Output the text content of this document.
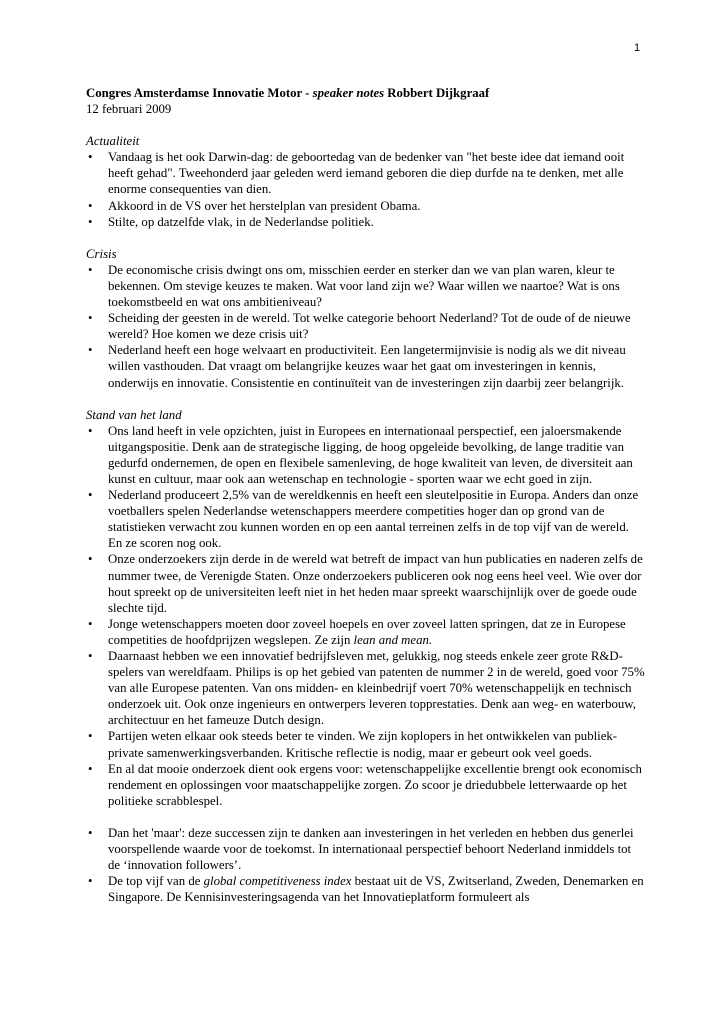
1

Congres Amsterdamse Innovatie Motor - speaker notes Robbert Dijkgraaf

12 februari 2009

Actualiteit

• Vandaag is het ook Darwin-dag: de geboortedag van de bedenker van "het beste idee dat iemand ooit heeft gehad". Tweehonderd jaar geleden werd iemand geboren die diep durfde na te denken, met alle enorme consequenties van dien.
• Akkoord in de VS over het herstelplan van president Obama.
• Stilte, op datzelfde vlak, in de Nederlandse politiek.

Crisis

• De economische crisis dwingt ons om, misschien eerder en sterker dan we van plan waren, kleur te bekennen. Om stevige keuzes te maken. Wat voor land zijn we? Waar willen we naartoe? Wat is ons toekomstbeeld en wat ons ambitieniveau?
• Scheiding der geesten in de wereld. Tot welke categorie behoort Nederland? Tot de oude of de nieuwe wereld? Hoe komen we deze crisis uit?
• Nederland heeft een hoge welvaart en productiviteit. Een langetermijnvisie is nodig als we dit niveau willen vasthouden. Dat vraagt om belangrijke keuzes waar het gaat om investeringen in kennis, onderwijs en innovatie. Consistentie en continuïteit van de investeringen zijn daarbij zeer belangrijk.

Stand van het land

• Ons land heeft in vele opzichten, juist in Europees en internationaal perspectief, een jaloersmakende uitgangspositie. Denk aan de strategische ligging, de hoog opgeleide bevolking, de lange traditie van gedurfd ondernemen, de open en flexibele samenleving, de hoge kwaliteit van leven, de diversiteit aan kunst en cultuur, maar ook aan wetenschap en technologie - sporten waar we echt goed in zijn.
• Nederland produceert 2,5% van de wereldkennis en heeft een sleutelpositie in Europa. Anders dan onze voetballers spelen Nederlandse wetenschappers meerdere competities hoger dan op grond van de statistieken verwacht zou kunnen worden en op een aantal terreinen zelfs in de top vijf van de wereld. En ze scoren nog ook.
• Onze onderzoekers zijn derde in de wereld wat betreft de impact van hun publicaties en naderen zelfs de nummer twee, de Verenigde Staten. Onze onderzoekers publiceren ook nog eens heel veel. Wie over dor hout spreekt op de universiteiten leeft niet in het heden maar spreekt waarschijnlijk over de goede oude slechte tijd.
• Jonge wetenschappers moeten door zoveel hoepels en over zoveel latten springen, dat ze in Europese competities de hoofdprijzen wegslepen. Ze zijn lean and mean.
• Daarnaast hebben we een innovatief bedrijfsleven met, gelukkig, nog steeds enkele zeer grote R&D-spelers van wereldfaam. Philips is op het gebied van patenten de nummer 2 in de wereld, goed voor 75% van alle Europese patenten. Van ons midden- en kleinbedrijf voert 70% wetenschappelijk en technisch onderzoek uit. Ook onze ingenieurs en ontwerpers leveren topprestaties. Denk aan weg- en waterbouw, architectuur en het fameuze Dutch design.
• Partijen weten elkaar ook steeds beter te vinden. We zijn koplopers in het ontwikkelen van publiek-private samenwerkingsverbanden. Kritische reflectie is nodig, maar er gebeurt ook veel goeds.
• En al dat mooie onderzoek dient ook ergens voor: wetenschappelijke excellentie brengt ook economisch rendement en oplossingen voor maatschappelijke zorgen. Zo scoor je driedubbele letterwaarde op het politieke scrabblespel.
• Dan het 'maar': deze successen zijn te danken aan investeringen in het verleden en hebben dus generlei voorspellende waarde voor de toekomst. In internationaal perspectief behoort Nederland inmiddels tot de ‘innovation followers’.
• De top vijf van de global competitiveness index bestaat uit de VS, Zwitserland, Zweden, Denemarken en Singapore. De Kennisinvesteringsagenda van het Innovatieplatform formuleert als
